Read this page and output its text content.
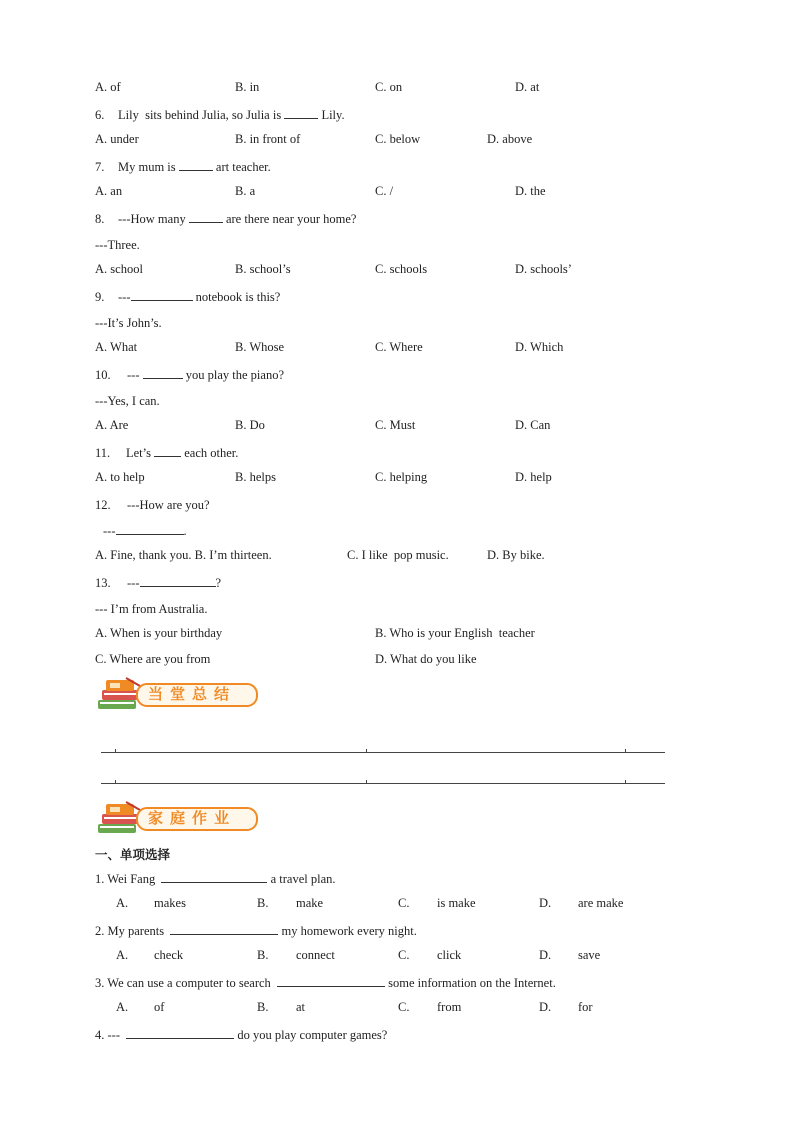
A. of	B. in	C. on	D. at
6. Lily  sits behind Julia, so Julia is	Lily.
A. under	B. in front of	C. below	D. above
7. My mum is	art teacher.
A. an	B. a	C. /	D. the
8. ---How many	are there near your home?
---Three.
A. school	B. school’s	C. schools	D. schools’
9. ---	notebook is this?
---It’s John’s.
A. What	B. Whose	C. Where	D. Which
10. ---	you play the piano?
---Yes, I can.
A. Are	B. Do	C. Must	D. Can
11. Let’s  each other.
A. to help	B. helps	C. helping	D. help
12. ---How are you?
---	.
A. Fine, thank you. B. I’m thirteen.	C. I like  pop music.	D. By bike.
13. ---	?
--- I’m from Australia.
A. When is your birthday	B. Who is your English  teacher
C. Where are you from	D. What do you like
当堂总结
家庭作业
一、单项选择
1. Wei Fang	a travel plan.
A. makes	B. make	C. is make	D. are make
2. My parents	my homework every night.
A. check	B. connect	C. click	D. save
3. We can use a computer to search	some information on the Internet.
A. of	B. at	C. from	D. for
4. ---	do you play computer games?
